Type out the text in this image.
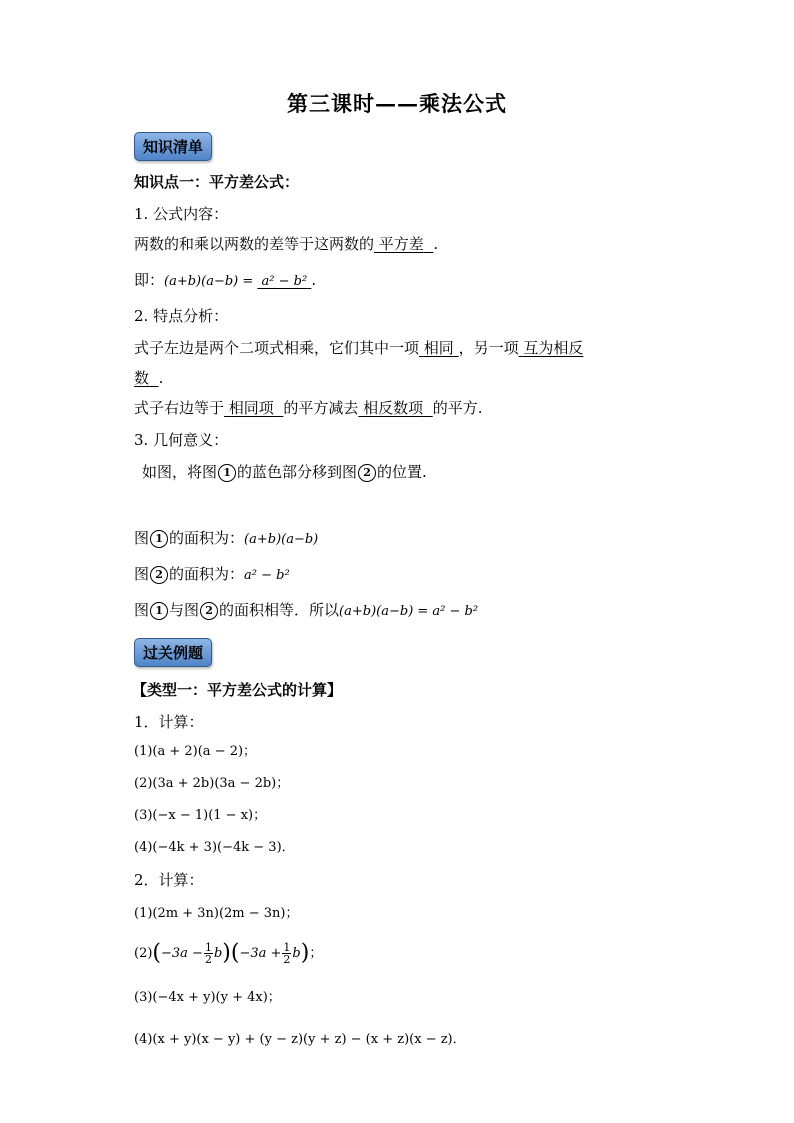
第三课时——乘法公式
知识清单
知识点一：平方差公式：
1. 公式内容：
两数的和乘以两数的差等于这两数的 平方差 .
即：(a+b)(a−b) =  a² − b² .
2. 特点分析：
式子左边是两个二项式相乘，它们其中一项 相同 ，另一项 互为相反
数 .
式子右边等于 相同项 的平方减去 相反数项 的平方.
3. 几何意义：
如图，将图 1 的蓝色部分移到图 2 的位置.
图 1 的面积为：(a+b)(a−b)
图 2 的面积为：a² − b²
图 1 与图 2 的面积相等．所以(a+b)(a−b) = a² − b²
过关例题
【类型一：平方差公式的计算】
1．计算：
(1)(a + 2)(a − 2)；
(2)(3a + 2b)(3a − 2b)；
(3)(−x − 1)(1 − x)；
(4)(−4k + 3)(−4k − 3)．
2．计算：
(1)(2m + 3n)(2m − 3n)；
$(2)(-3a - \frac{1}{2} b)(-3a + \frac{1}{2} b)$；
(3)(−4x + y)(y + 4x)；
(4)(x + y)(x − y) + (y − z)(y + z) − (x + z)(x − z)．
